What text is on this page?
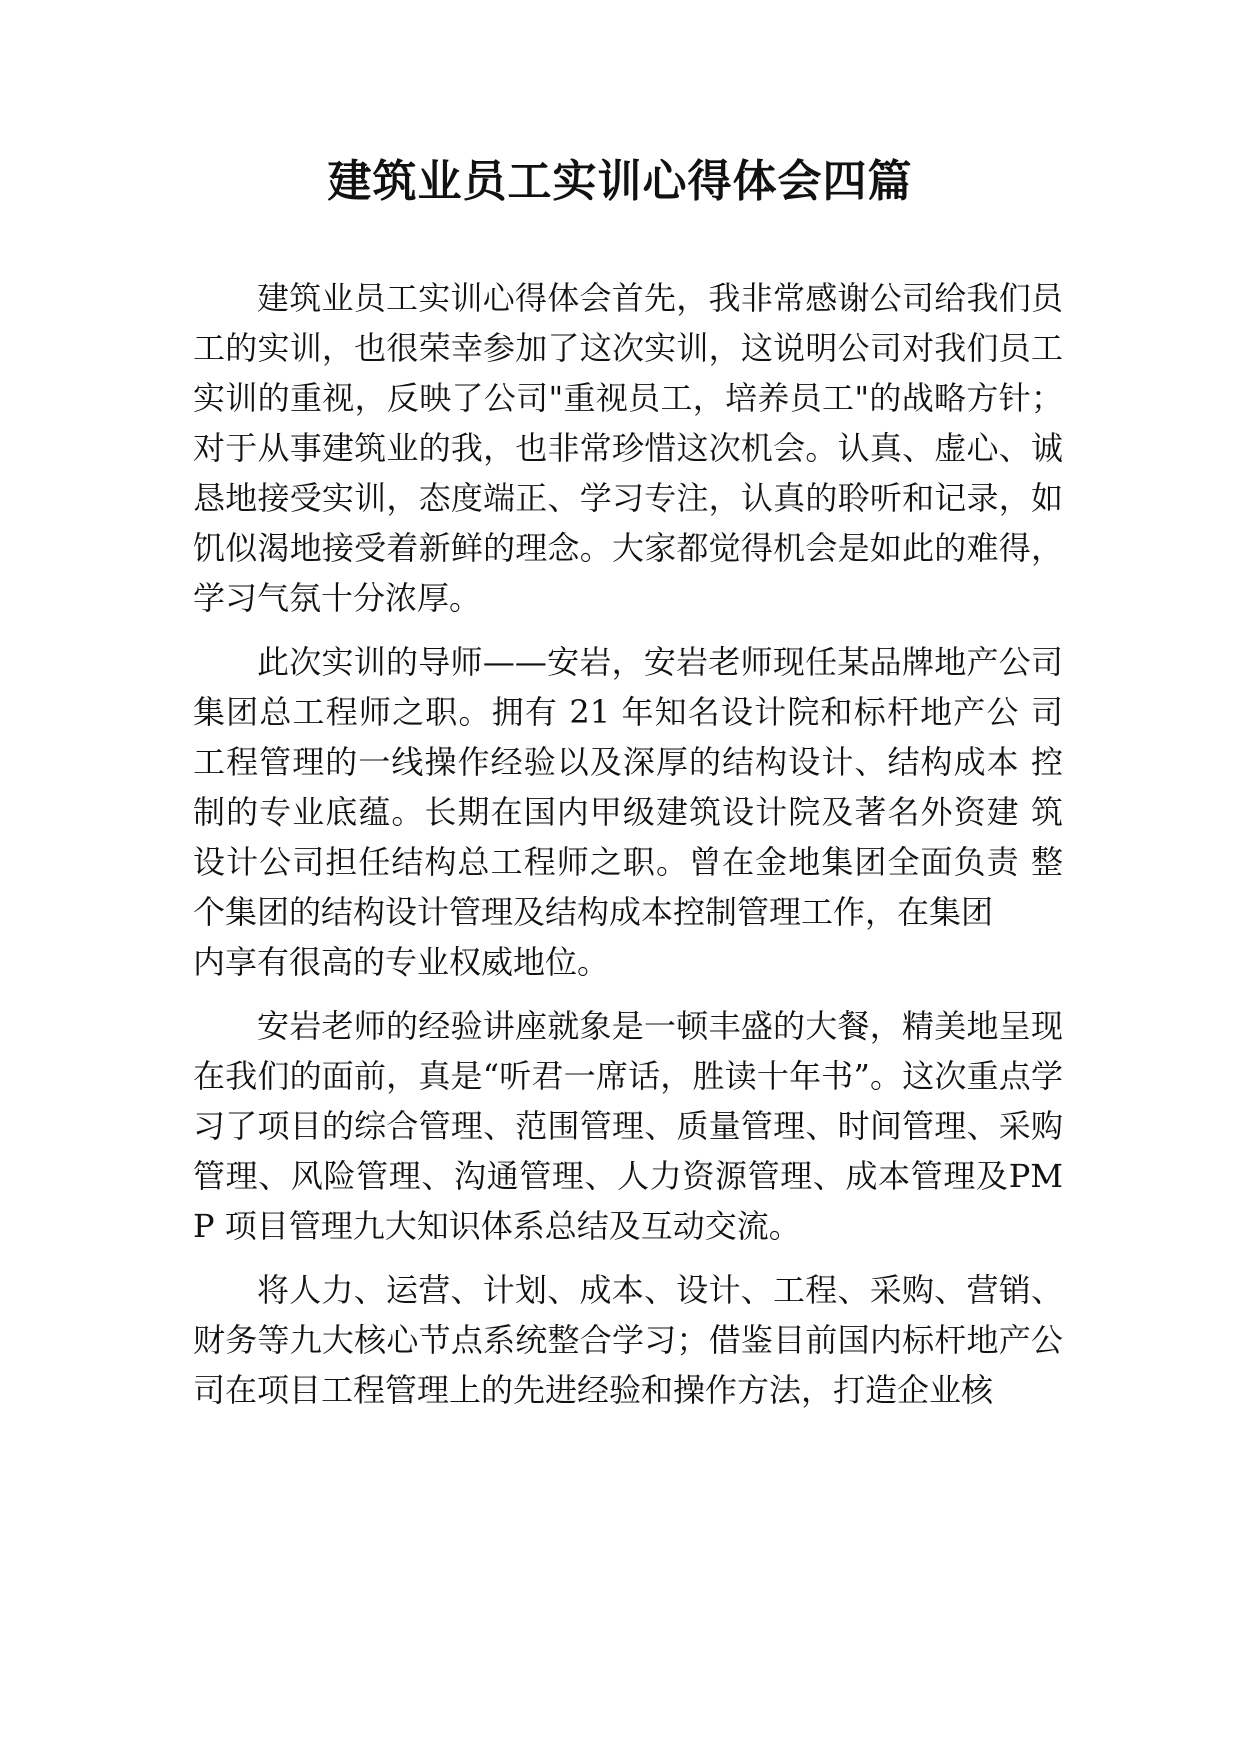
建筑业员工实训心得体会四篇

建筑业员工实训心得体会首先，我非常感谢公司给我们员工的实训，也很荣幸参加了这次实训，这说明公司对我们员工实训的重视，反映了公司"重视员工，培养员工"的战略方针；对于从事建筑业的我，也非常珍惜这次机会。认真、虚心、诚恳地接受实训，态度端正、学习专注，认真的聆听和记录，如饥似渴地接受着新鲜的理念。大家都觉得机会是如此的难得，学习气氛十分浓厚。

此次实训的导师——安岩，安岩老师现任某品牌地产公司集团总工程师之职。拥有 21 年知名设计院和标杆地产公 司工程管理的一线操作经验以及深厚的结构设计、结构成本 控制的专业底蕴。长期在国内甲级建筑设计院及著名外资建 筑设计公司担任结构总工程师之职。曾在金地集团全面负责 整个集团的结构设计管理及结构成本控制管理工作，在集团

内享有很高的专业权威地位。

安岩老师的经验讲座就象是一顿丰盛的大餐，精美地呈现在我们的面前，真是“听君一席话，胜读十年书”。这次重点学习了项目的综合管理、范围管理、质量管理、时间管理、采购管理、风险管理、沟通管理、人力资源管理、成本管理及PMP 项目管理九大知识体系总结及互动交流。

将人力、运营、计划、成本、设计、工程、采购、营销、财务等九大核心节点系统整合学习；借鉴目前国内标杆地产公司在项目工程管理上的先进经验和操作方法，打造企业核
